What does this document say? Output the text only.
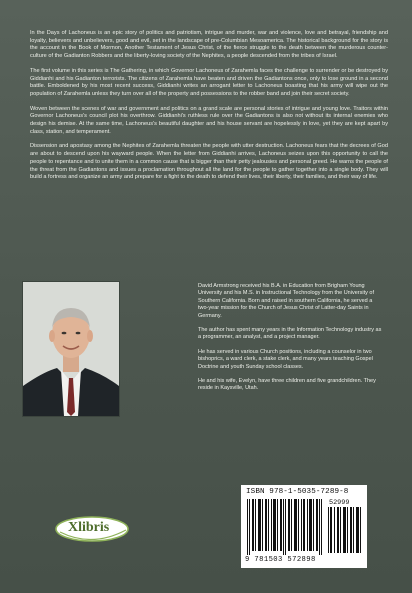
In the Days of Lachoneus is an epic story of politics and patriotism, intrigue and murder, war and violence, love and betrayal, friendship and loyalty, believers and unbelievers, good and evil, set in the landscape of pre-Columbian Mesoamerica. The historical background for the story is the account in the Book of Mormon, Another Testament of Jesus Christ, of the fierce struggle to the death between the murderous counter-culture of the Gadianton Robbers and the liberty-loving society of the Nephites, a people descended from the tribes of Israel.

The first volume in this series is The Gathering, in which Governor Lachoneus of Zarahemla faces the challenge to surrender or be destroyed by Giddianhi and his Gadianton terrorists. The citizens of Zarahemla have beaten and driven the Gadiantons once, only to lose ground in a second battle. Emboldened by his most recent success, Giddianhi writes an arrogant letter to Lachoneus boasting that his army will wipe out the population of Zarahemla unless they turn over all of the property and possessions to the robber band and join their secret society.

Woven between the scenes of war and government and politics on a grand scale are personal stories of intrigue and young love. Traitors within Governor Lachoneus's council plot his overthrow. Giddianhi's ruthless rule over the Gadiantons is also not without its internal enemies who design his demise. At the same time, Lachoneus's beautiful daughter and his house servant are hopelessly in love, yet they are kept apart by class, station, and temperament.

Dissension and apostasy among the Nephites of Zarahemla threaten the people with utter destruction. Lachoneus fears that the decrees of God are about to descend upon his wayward people. When the letter from Giddianhi arrives, Lachoneus seizes upon this opportunity to call the people to repentance and to unite them in a common cause that is bigger than their petty jealousies and personal greed. He warns the people of the threat from the Gadiantons and issues a proclamation throughout all the land for the people to gather together into a single body. They will build a fortress and organize an army and prepare for a fight to the death to defend their lives, their liberty, their families, and their way of life.

David Armstrong received his B.A. in Education from Brigham Young University and his M.S. in Instructional Technology from the University of Southern California. Born and raised in southern California, he served a two-year mission for the Church of Jesus Christ of Latter-day Saints in Germany.

The author has spent many years in the Information Technology industry as a programmer, an analyst, and a project manager.

He has served in various Church positions, including a counselor in two bishoprics, a ward clerk, a stake clerk, and many years teaching Gospel Doctrine and youth Sunday school classes.

He and his wife, Evelyn, have three children and five grandchildren. They reside in Kaysville, Utah.

Xlibris
ISBN 978-1-5035-7289-8
52999
9 781503 572898
